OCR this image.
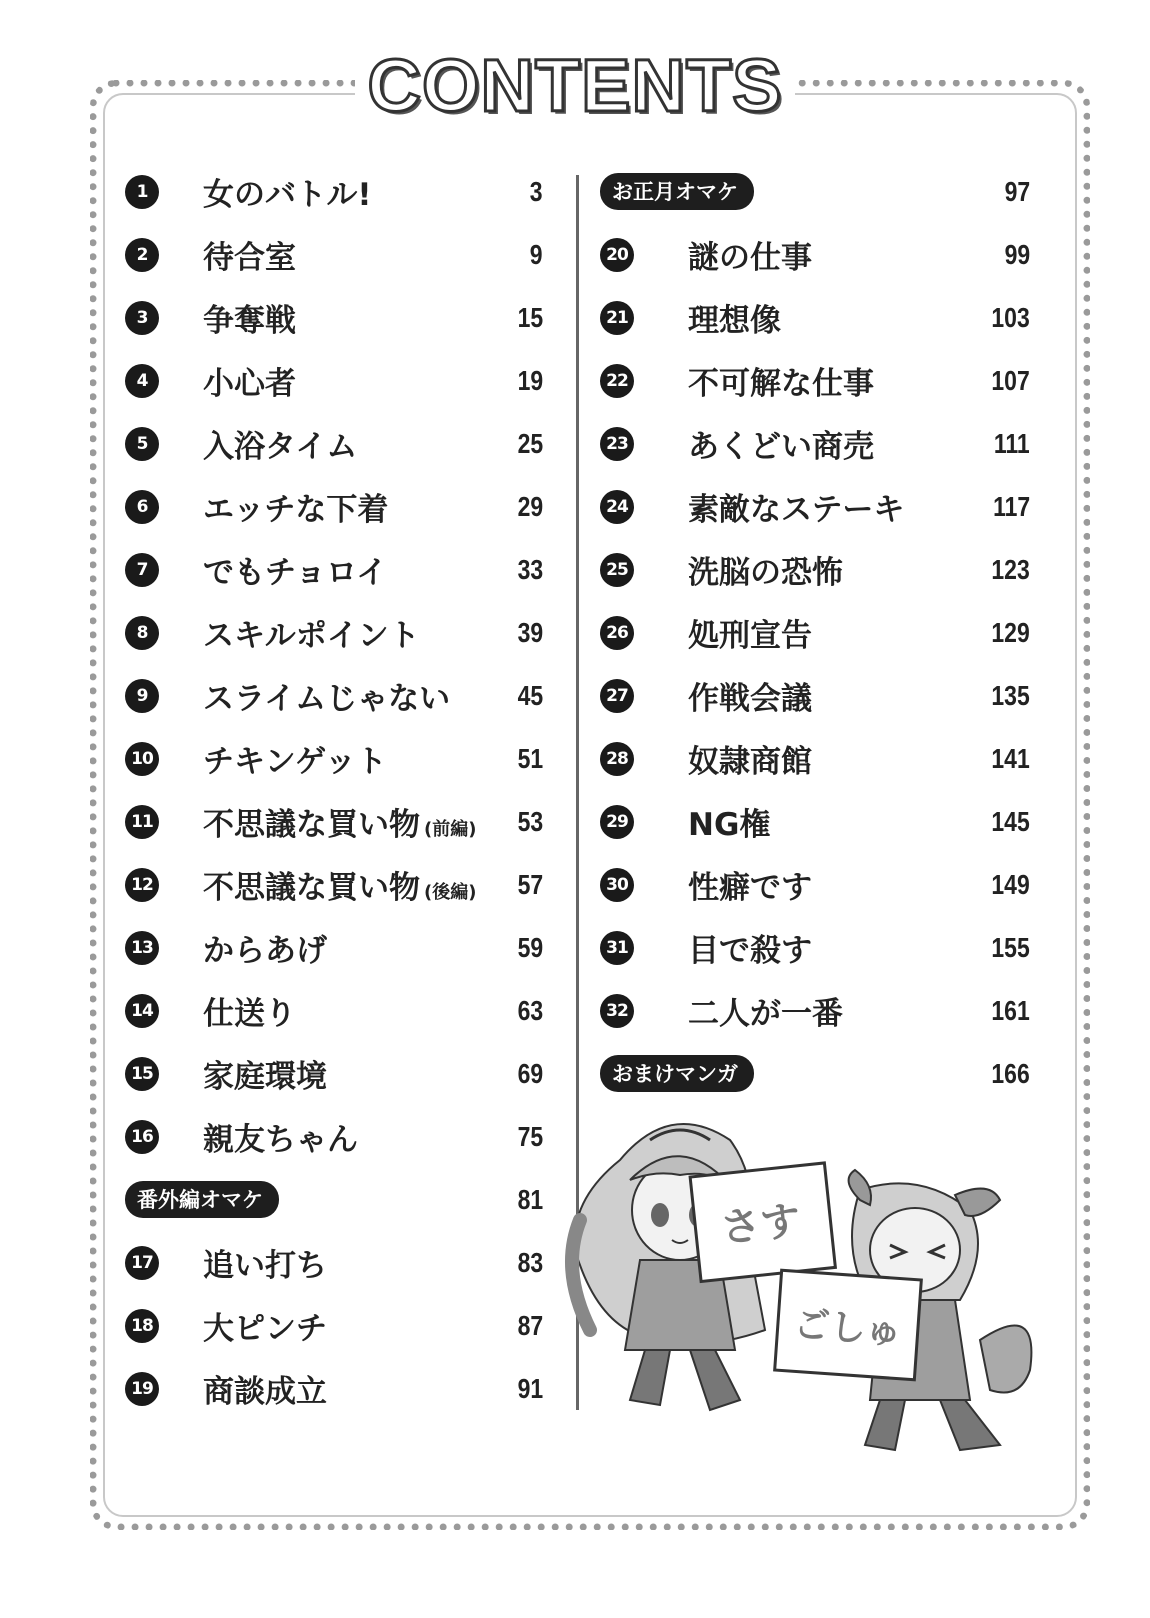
CONTENTS
1	女のバトル!	3
2	待合室	9
3	争奪戦	15
4	小心者	19
5	入浴タイム	25
6	エッチな下着	29
7	でもチョロイ	33
8	スキルポイント	39
9	スライムじゃない 45
10 チキンゲット	51
11 不思議な買い物 (前編) 53
12 不思議な買い物 (後編) 57
13 からあげ	59
14 仕送り	63
15 家庭環境	69
16 親友ちゃん	75
番外編オマケ	81
17 追い打ち	83
18 大ピンチ	87
19 商談成立	91
お正月オマケ	97
20 謎の仕事	99
21 理想像	103
22 不可解な仕事	107
23 あくどい商売	111
24 素敵なステーキ	117
25 洗脳の恐怖	123
26 処刑宣告	129
27 作戦会議	135
28 奴隷商館	141
29 NG権	145
30 性癖です	149
31 目で殺す	155
32 二人が一番	161
おまけマンガ	166
さす
ごしゅ
